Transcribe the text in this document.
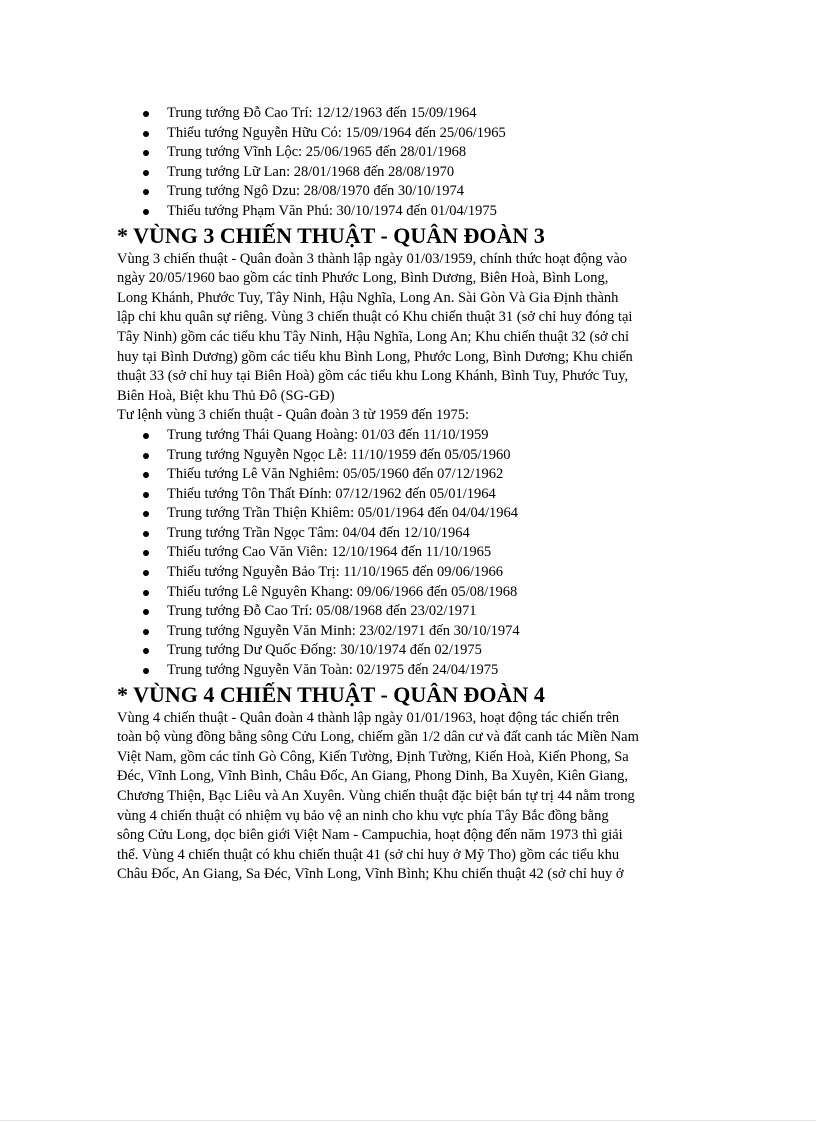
Trung tướng Đỗ Cao Trí: 12/12/1963 đến 15/09/1964
Thiếu tướng Nguyễn Hữu Có: 15/09/1964 đến 25/06/1965
Trung tướng Vĩnh Lộc: 25/06/1965 đến 28/01/1968
Trung tướng Lữ Lan: 28/01/1968 đến 28/08/1970
Trung tướng Ngô Dzu: 28/08/1970 đến 30/10/1974
Thiếu tướng Phạm Văn Phú: 30/10/1974 đến 01/04/1975
* VÙNG 3 CHIẾN THUẬT - QUÂN ĐOÀN 3

Vùng 3 chiến thuật - Quân đoàn 3 thành lập ngày 01/03/1959, chính thức hoạt động vào
ngày 20/05/1960 bao gồm các tỉnh Phước Long, Bình Dương, Biên Hoà, Bình Long,
Long Khánh, Phước Tuy, Tây Ninh, Hậu Nghĩa, Long An. Sài Gòn Và Gia Định thành
lập chi khu quân sự riêng. Vùng 3 chiến thuật có Khu chiến thuật 31 (sở chỉ huy đóng tại
Tây Ninh) gồm các tiểu khu Tây Ninh, Hậu Nghĩa, Long An; Khu chiến thuật 32 (sở chỉ
huy tại Bình Dương) gồm các tiểu khu Bình Long, Phước Long, Bình Dương; Khu chiến
thuật 33 (sở chỉ huy tại Biên Hoà) gồm các tiểu khu Long Khánh, Bình Tuy, Phước Tuy,
Biên Hoà, Biệt khu Thủ Đô (SG-GĐ)

Tư lệnh vùng 3 chiến thuật - Quân đoàn 3 từ 1959 đến 1975:

Trung tướng Thái Quang Hoàng: 01/03 đến 11/10/1959
Trung tướng Nguyễn Ngọc Lễ: 11/10/1959 đến 05/05/1960
Thiếu tướng Lê Văn Nghiêm: 05/05/1960 đến 07/12/1962
Thiếu tướng Tôn Thất Đính: 07/12/1962 đến 05/01/1964
Trung tướng Trần Thiện Khiêm: 05/01/1964 đến 04/04/1964
Trung tướng Trần Ngọc Tâm: 04/04 đến 12/10/1964
Thiếu tướng Cao Văn Viên: 12/10/1964 đến 11/10/1965
Thiếu tướng Nguyễn Bảo Trị: 11/10/1965 đến 09/06/1966
Thiếu tướng Lê Nguyên Khang: 09/06/1966 đến 05/08/1968
Trung tướng Đỗ Cao Trí: 05/08/1968 đến 23/02/1971
Trung tướng Nguyễn Văn Minh: 23/02/1971 đến 30/10/1974
Trung tướng Dư Quốc Đống: 30/10/1974 đến 02/1975
Trung tướng Nguyễn Văn Toàn: 02/1975 đến 24/04/1975
* VÙNG 4 CHIẾN THUẬT - QUÂN ĐOÀN 4

Vùng 4 chiến thuật - Quân đoàn 4 thành lập ngày 01/01/1963, hoạt động tác chiến trên
toàn bộ vùng đồng bằng sông Cửu Long, chiếm gần 1/2 dân cư và đất canh tác Miền Nam
Việt Nam, gồm các tỉnh Gò Công, Kiến Tường, Định Tường, Kiến Hoà, Kiến Phong, Sa
Đéc, Vĩnh Long, Vĩnh Bình, Châu Đốc, An Giang, Phong Dinh, Ba Xuyên, Kiên Giang,
Chương Thiện, Bạc Liêu và An Xuyên. Vùng chiến thuật đặc biệt bán tự trị 44 nằm trong
vùng 4 chiến thuật có nhiệm vụ bảo vệ an ninh cho khu vực phía Tây Bắc đồng bằng
sông Cửu Long, dọc biên giới Việt Nam - Campuchia, hoạt động đến năm 1973 thì giải
thể. Vùng 4 chiến thuật có khu chiến thuật 41 (sở chỉ huy ở Mỹ Tho) gồm các tiểu khu
Châu Đốc, An Giang, Sa Đéc, Vĩnh Long, Vĩnh Bình; Khu chiến thuật 42 (sở chỉ huy ở
